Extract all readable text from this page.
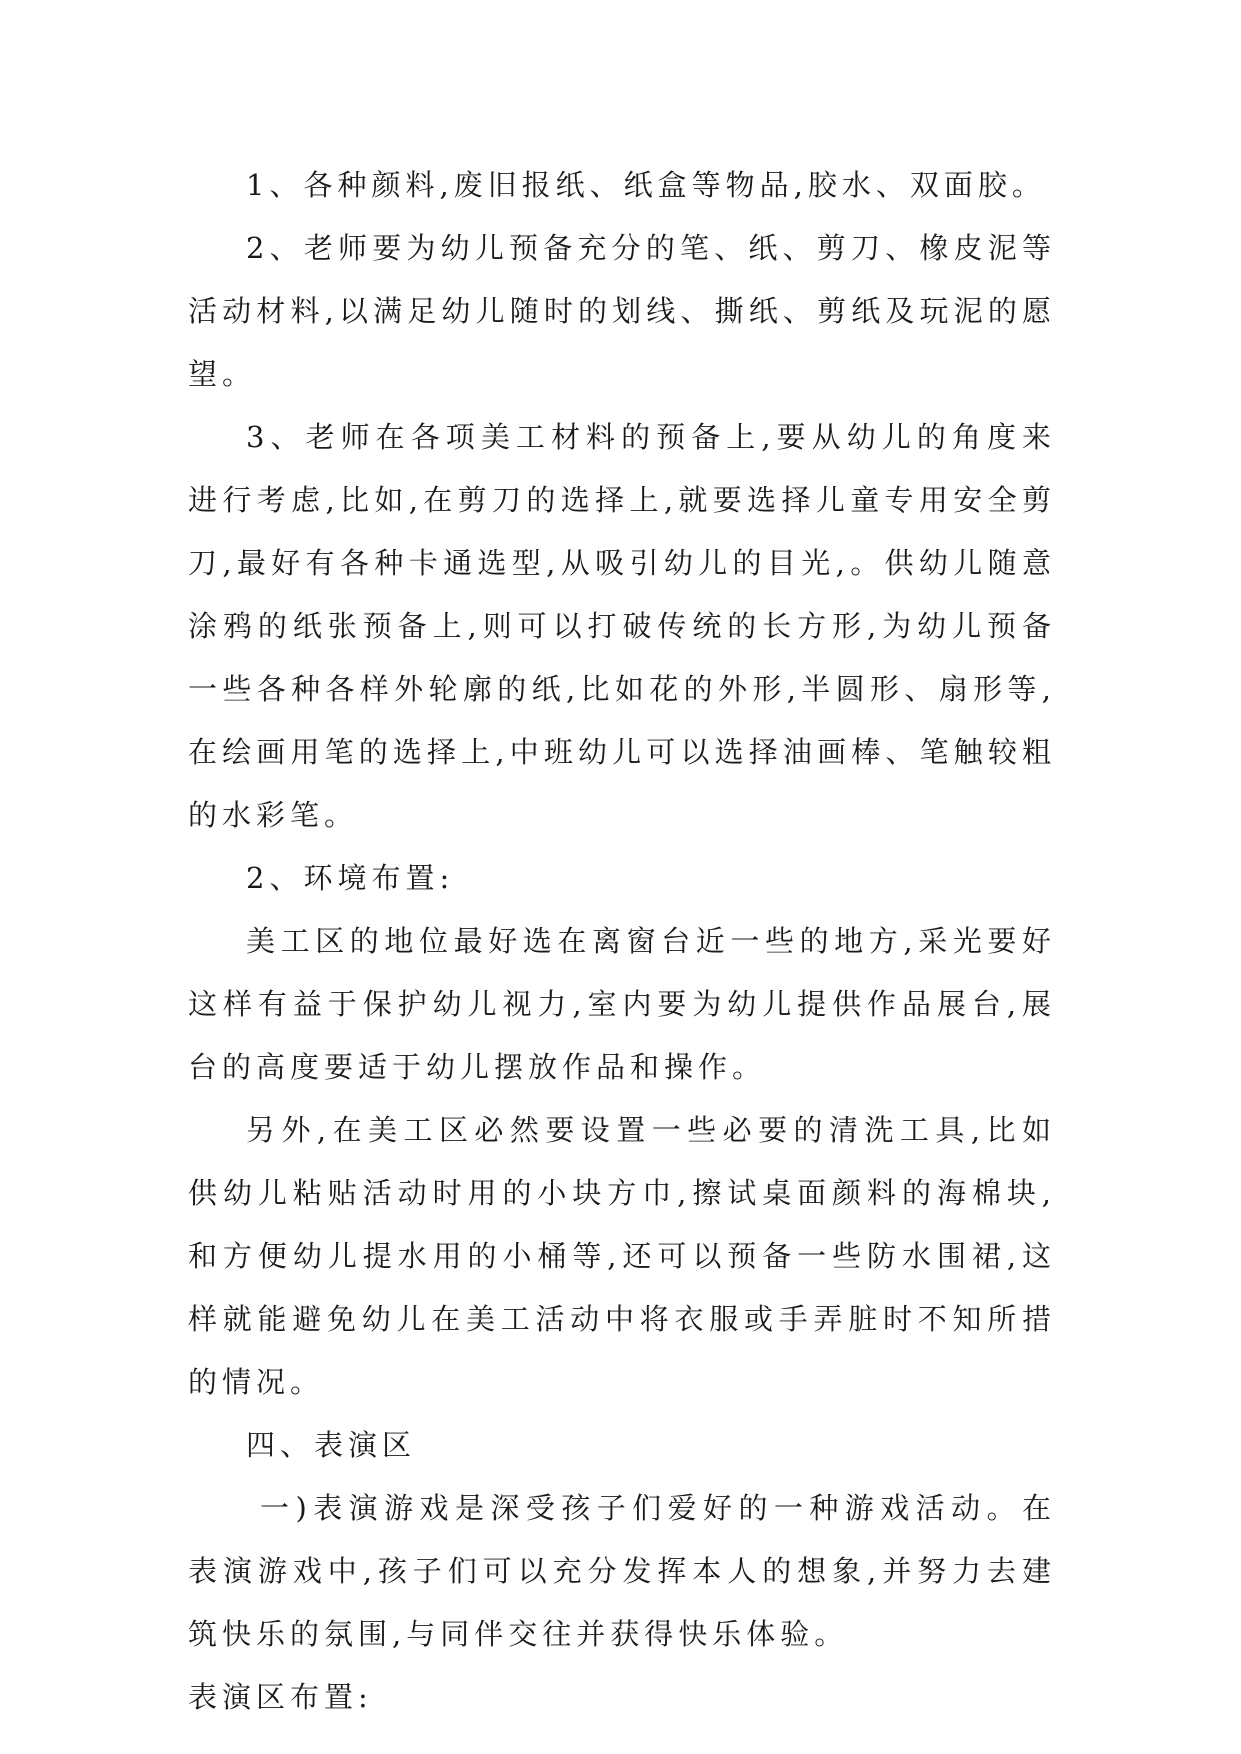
1、各种颜料,废旧报纸、纸盒等物品,胶水、双面胶。

2、老师要为幼儿预备充分的笔、纸、剪刀、橡皮泥等活动材料,以满足幼儿随时的划线、撕纸、剪纸及玩泥的愿望。

3、老师在各项美工材料的预备上,要从幼儿的角度来进行考虑,比如,在剪刀的选择上,就要选择儿童专用安全剪刀,最好有各种卡通选型,从吸引幼儿的目光,。供幼儿随意涂鸦的纸张预备上,则可以打破传统的长方形,为幼儿预备一些各种各样外轮廓的纸,比如花的外形,半圆形、扇形等,在绘画用笔的选择上,中班幼儿可以选择油画棒、笔触较粗的水彩笔。

2、环境布置:

美工区的地位最好选在离窗台近一些的地方,采光要好这样有益于保护幼儿视力,室内要为幼儿提供作品展台,展台的高度要适于幼儿摆放作品和操作。

另外,在美工区必然要设置一些必要的清洗工具,比如供幼儿粘贴活动时用的小块方巾,擦试桌面颜料的海棉块,和方便幼儿提水用的小桶等,还可以预备一些防水围裙,这样就能避免幼儿在美工活动中将衣服或手弄脏时不知所措的情况。

四、表演区

一)表演游戏是深受孩子们爱好的一种游戏活动。在表演游戏中,孩子们可以充分发挥本人的想象,并努力去建筑快乐的氛围,与同伴交往并获得快乐体验。

表演区布置:
